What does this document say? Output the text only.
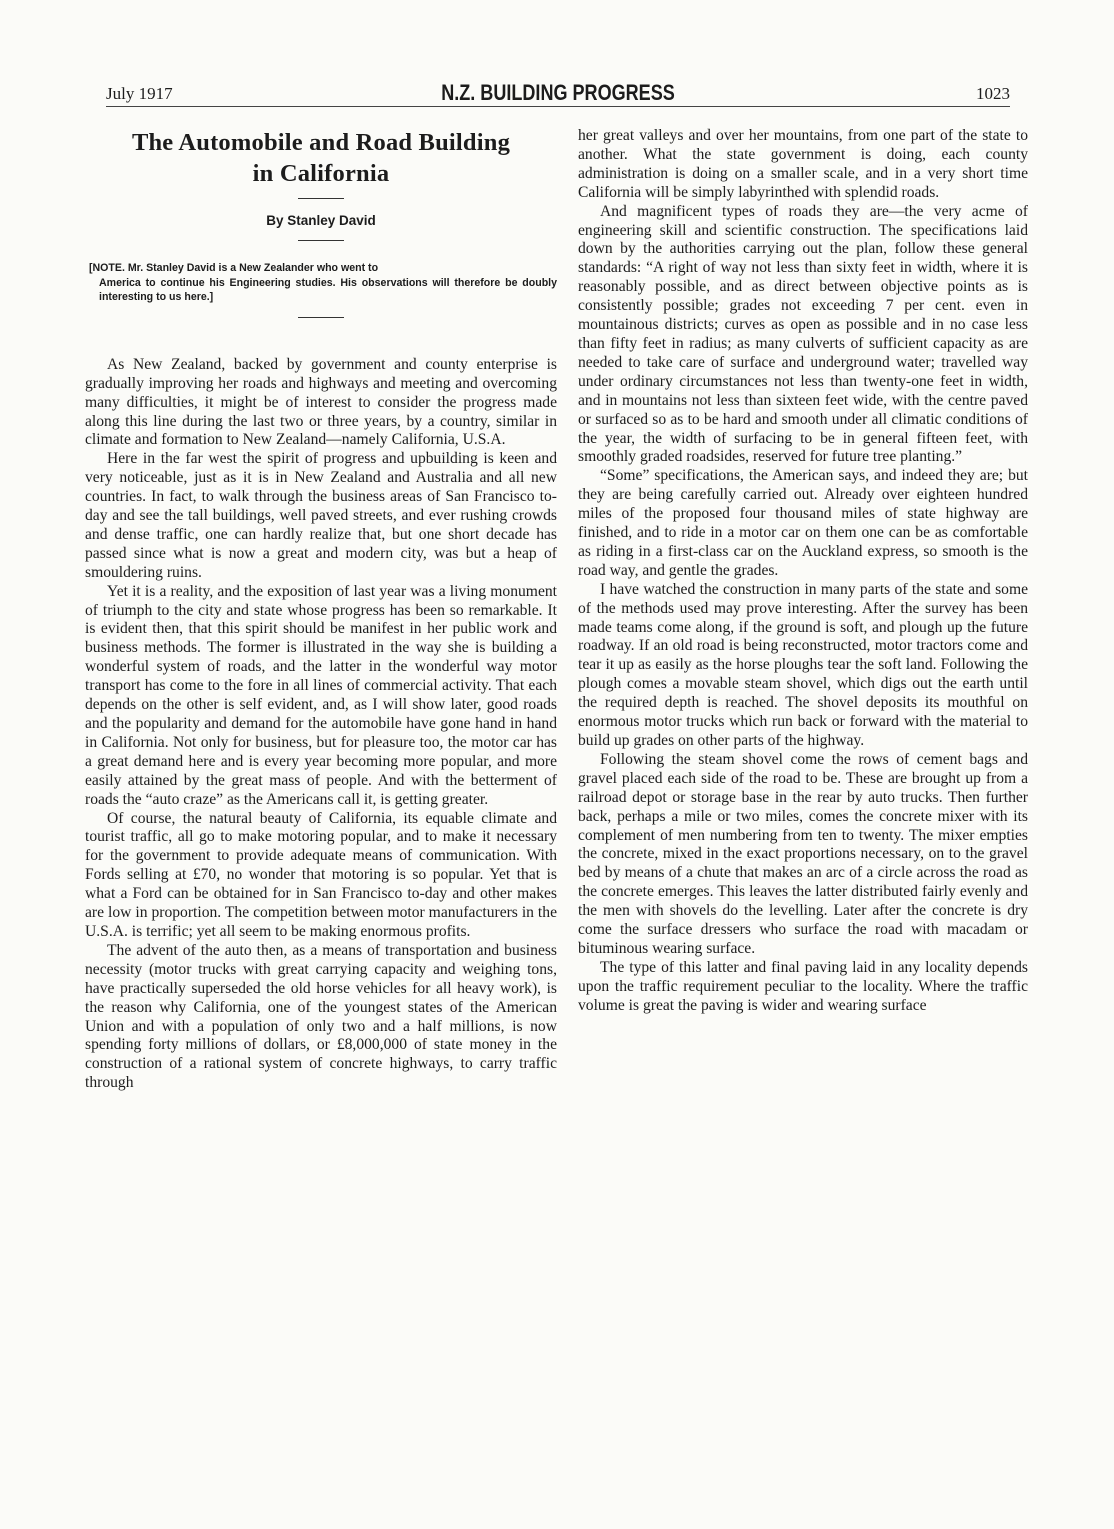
July 1917	N.Z. BUILDING PROGRESS	1023
The Automobile and Road Building
in California
By Stanley David
[NOTE. Mr. Stanley David is a New Zealander who went to
America to continue his Engineering studies. His observations will therefore be doubly interesting to us here.]

As New Zealand, backed by government and county enterprise is gradually improving her roads and highways and meeting and overcoming many difficulties, it might be of interest to consider the progress made along this line during the last two or three years, by a country, similar in climate and formation to New Zealand—namely California, U.S.A.

Here in the far west the spirit of progress and upbuilding is keen and very noticeable, just as it is in New Zealand and Australia and all new countries. In fact, to walk through the business areas of San Francisco to-day and see the tall buildings, well paved streets, and ever rushing crowds and dense traffic, one can hardly realize that, but one short decade has passed since what is now a great and modern city, was but a heap of smouldering ruins.

Yet it is a reality, and the exposition of last year was a living monument of triumph to the city and state whose progress has been so remarkable. It is evident then, that this spirit should be manifest in her public work and business methods. The former is illustrated in the way she is building a wonderful system of roads, and the latter in the wonderful way motor transport has come to the fore in all lines of commercial activity. That each depends on the other is self evident, and, as I will show later, good roads and the popularity and demand for the automobile have gone hand in hand in California. Not only for business, but for pleasure too, the motor car has a great demand here and is every year becoming more popular, and more easily attained by the great mass of people. And with the betterment of roads the “auto craze” as the Americans call it, is getting greater.

Of course, the natural beauty of California, its equable climate and tourist traffic, all go to make motoring popular, and to make it necessary for the government to provide adequate means of communication. With Fords selling at £70, no wonder that motoring is so popular. Yet that is what a Ford can be obtained for in San Francisco to-day and other makes are low in proportion. The competition between motor manufacturers in the U.S.A. is terrific; yet all seem to be making enormous profits.

The advent of the auto then, as a means of transportation and business necessity (motor trucks with great carrying capacity and weighing tons, have practically superseded the old horse vehicles for all heavy work), is the reason why California, one of the youngest states of the American Union and with a population of only two and a half millions, is now spending forty millions of dollars, or £8,000,000 of state money in the construction of a rational system of concrete highways, to carry traffic through

her great valleys and over her mountains, from one part of the state to another. What the state government is doing, each county administration is doing on a smaller scale, and in a very short time California will be simply labyrinthed with splendid roads.

And magnificent types of roads they are—the very acme of engineering skill and scientific construction. The specifications laid down by the authorities carrying out the plan, follow these general standards: “A right of way not less than sixty feet in width, where it is reasonably possible, and as direct between objective points as is consistently possible; grades not exceeding 7 per cent. even in mountainous districts; curves as open as possible and in no case less than fifty feet in radius; as many culverts of sufficient capacity as are needed to take care of surface and underground water; travelled way under ordinary circumstances not less than twenty-one feet in width, and in mountains not less than sixteen feet wide, with the centre paved or surfaced so as to be hard and smooth under all climatic conditions of the year, the width of surfacing to be in general fifteen feet, with smoothly graded roadsides, reserved for future tree planting.”

“Some” specifications, the American says, and indeed they are; but they are being carefully carried out. Already over eighteen hundred miles of the proposed four thousand miles of state highway are finished, and to ride in a motor car on them one can be as comfortable as riding in a first-class car on the Auckland express, so smooth is the road way, and gentle the grades.

I have watched the construction in many parts of the state and some of the methods used may prove interesting. After the survey has been made teams come along, if the ground is soft, and plough up the future roadway. If an old road is being reconstructed, motor tractors come and tear it up as easily as the horse ploughs tear the soft land. Following the plough comes a movable steam shovel, which digs out the earth until the required depth is reached. The shovel deposits its mouthful on enormous motor trucks which run back or forward with the material to build up grades on other parts of the highway.

Following the steam shovel come the rows of cement bags and gravel placed each side of the road to be. These are brought up from a railroad depot or storage base in the rear by auto trucks. Then further back, perhaps a mile or two miles, comes the concrete mixer with its complement of men numbering from ten to twenty. The mixer empties the concrete, mixed in the exact proportions necessary, on to the gravel bed by means of a chute that makes an arc of a circle across the road as the concrete emerges. This leaves the latter distributed fairly evenly and the men with shovels do the levelling. Later after the concrete is dry come the surface dressers who surface the road with macadam or bituminous wearing surface.

The type of this latter and final paving laid in any locality depends upon the traffic requirement peculiar to the locality. Where the traffic volume is great the paving is wider and wearing surface
